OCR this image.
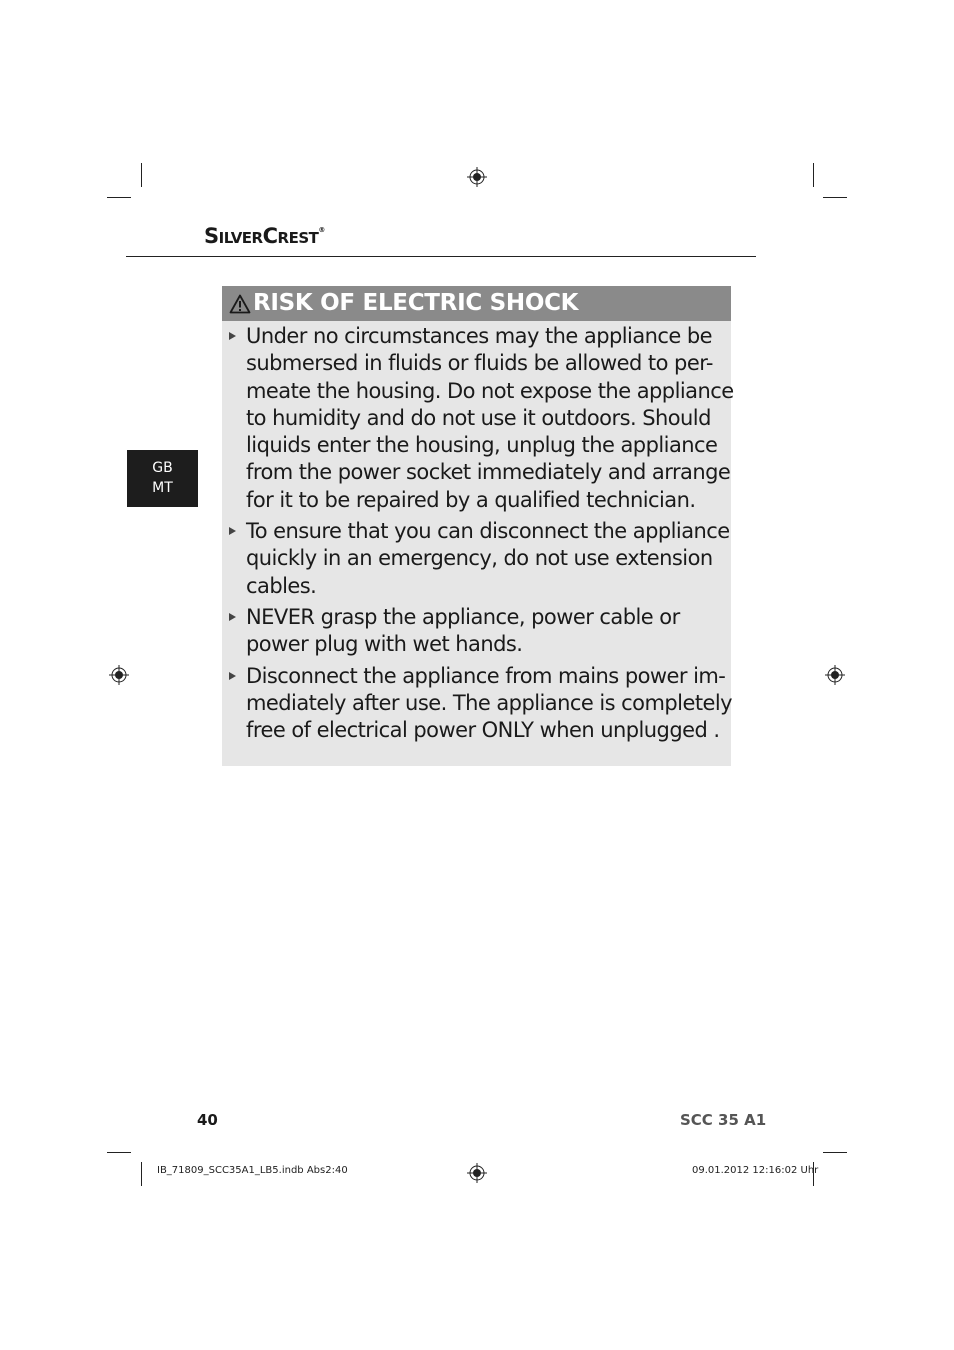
SilverCrest®
GB
MT
RISK OF ELECTRIC SHOCK
Under no circumstances may the appliance be
submersed in fluids or fluids be allowed to per-
meate the housing. Do not expose the appliance
to humidity and do not use it outdoors. Should
liquids enter the housing, unplug the appliance
from the power socket immediately and arrange
for it to be repaired by a qualified technician.
To ensure that you can disconnect the appliance
quickly in an emergency, do not use extension
cables.
NEVER grasp the appliance, power cable or
power plug with wet hands.
Disconnect the appliance from mains power im-
mediately after use. The appliance is completely
free of electrical power ONLY when unplugged .
40	SCC 35 A1
IB_71809_SCC35A1_LB5.indb Abs2:40	09.01.2012 12:16:02 Uhr
